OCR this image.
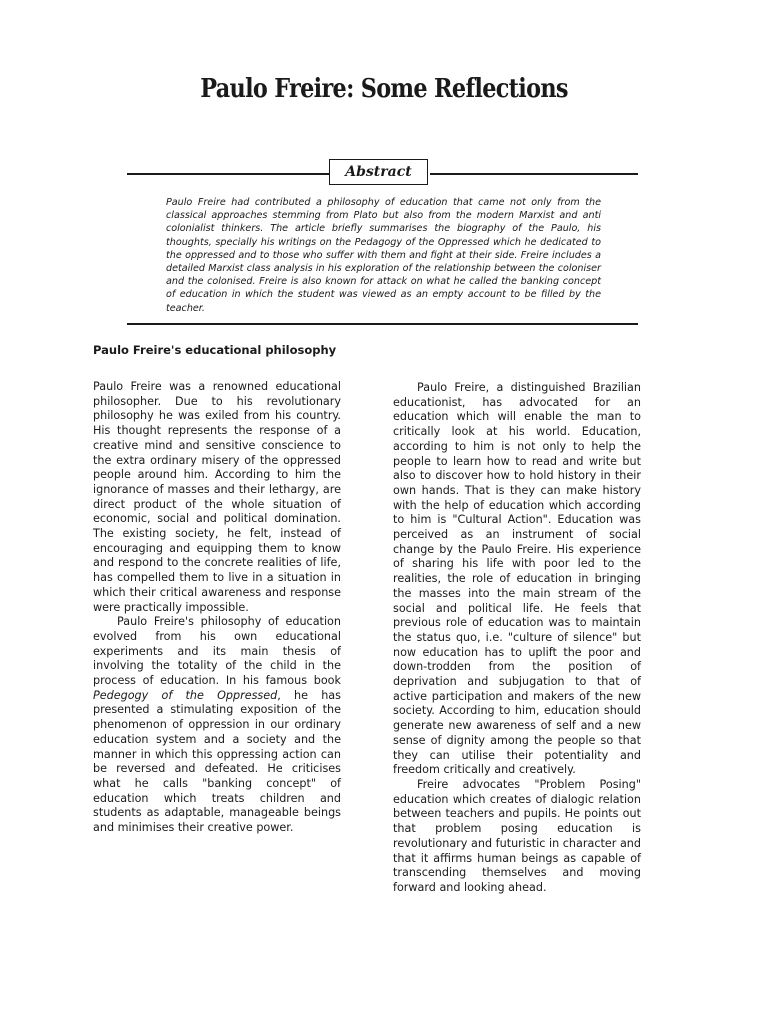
Paulo Freire: Some Reflections
Abstract

Paulo Freire had contributed a philosophy of education that came not only from the classical approaches stemming from Plato but also from the modern Marxist and anti colonialist thinkers. The article briefly summarises the biography of the Paulo, his thoughts, specially his writings on the Pedagogy of the Oppressed which he dedicated to the oppressed and to those who suffer with them and fight at their side. Freire includes a detailed Marxist class analysis in his exploration of the relationship between the coloniser and the colonised. Freire is also known for attack on what he called the banking concept of education in which the student was viewed as an empty account to be filled by the teacher.

Paulo Freire's educational philosophy

Paulo Freire was a renowned educational philosopher. Due to his revolutionary philosophy he was exiled from his country. His thought represents the response of a creative mind and sensitive conscience to the extra ordinary misery of the oppressed people around him. According to him the ignorance of masses and their lethargy, are direct product of the whole situation of economic, social and political domination. The existing society, he felt, instead of encouraging and equipping them to know and respond to the concrete realities of life, has compelled them to live in a situation in which their critical awareness and response were practically impossible.

Paulo Freire's philosophy of education evolved from his own educational experiments and its main thesis of involving the totality of the child in the process of education. In his famous book Pedegogy of the Oppressed, he has presented a stimulating exposition of the phenomenon of oppression in our ordinary education system and a society and the manner in which this oppressing action can be reversed and defeated. He criticises what he calls "banking concept" of education which treats children and students as adaptable, manageable beings and minimises their creative power.

Paulo Freire, a distinguished Brazilian educationist, has advocated for an education which will enable the man to critically look at his world. Education, according to him is not only to help the people to learn how to read and write but also to discover how to hold history in their own hands. That is they can make history with the help of education which according to him is "Cultural Action". Education was perceived as an instrument of social change by the Paulo Freire. His experience of sharing his life with poor led to the realities, the role of education in bringing the masses into the main stream of the social and political life. He feels that previous role of education was to maintain the status quo, i.e. "culture of silence" but now education has to uplift the poor and down-trodden from the position of deprivation and subjugation to that of active participation and makers of the new society. According to him, education should generate new awareness of self and a new sense of dignity among the people so that they can utilise their potentiality and freedom critically and creatively.

Freire advocates "Problem Posing" education which creates of dialogic relation between teachers and pupils. He points out that problem posing education is revolutionary and futuristic in character and that it affirms human beings as capable of transcending themselves and moving forward and looking ahead.
